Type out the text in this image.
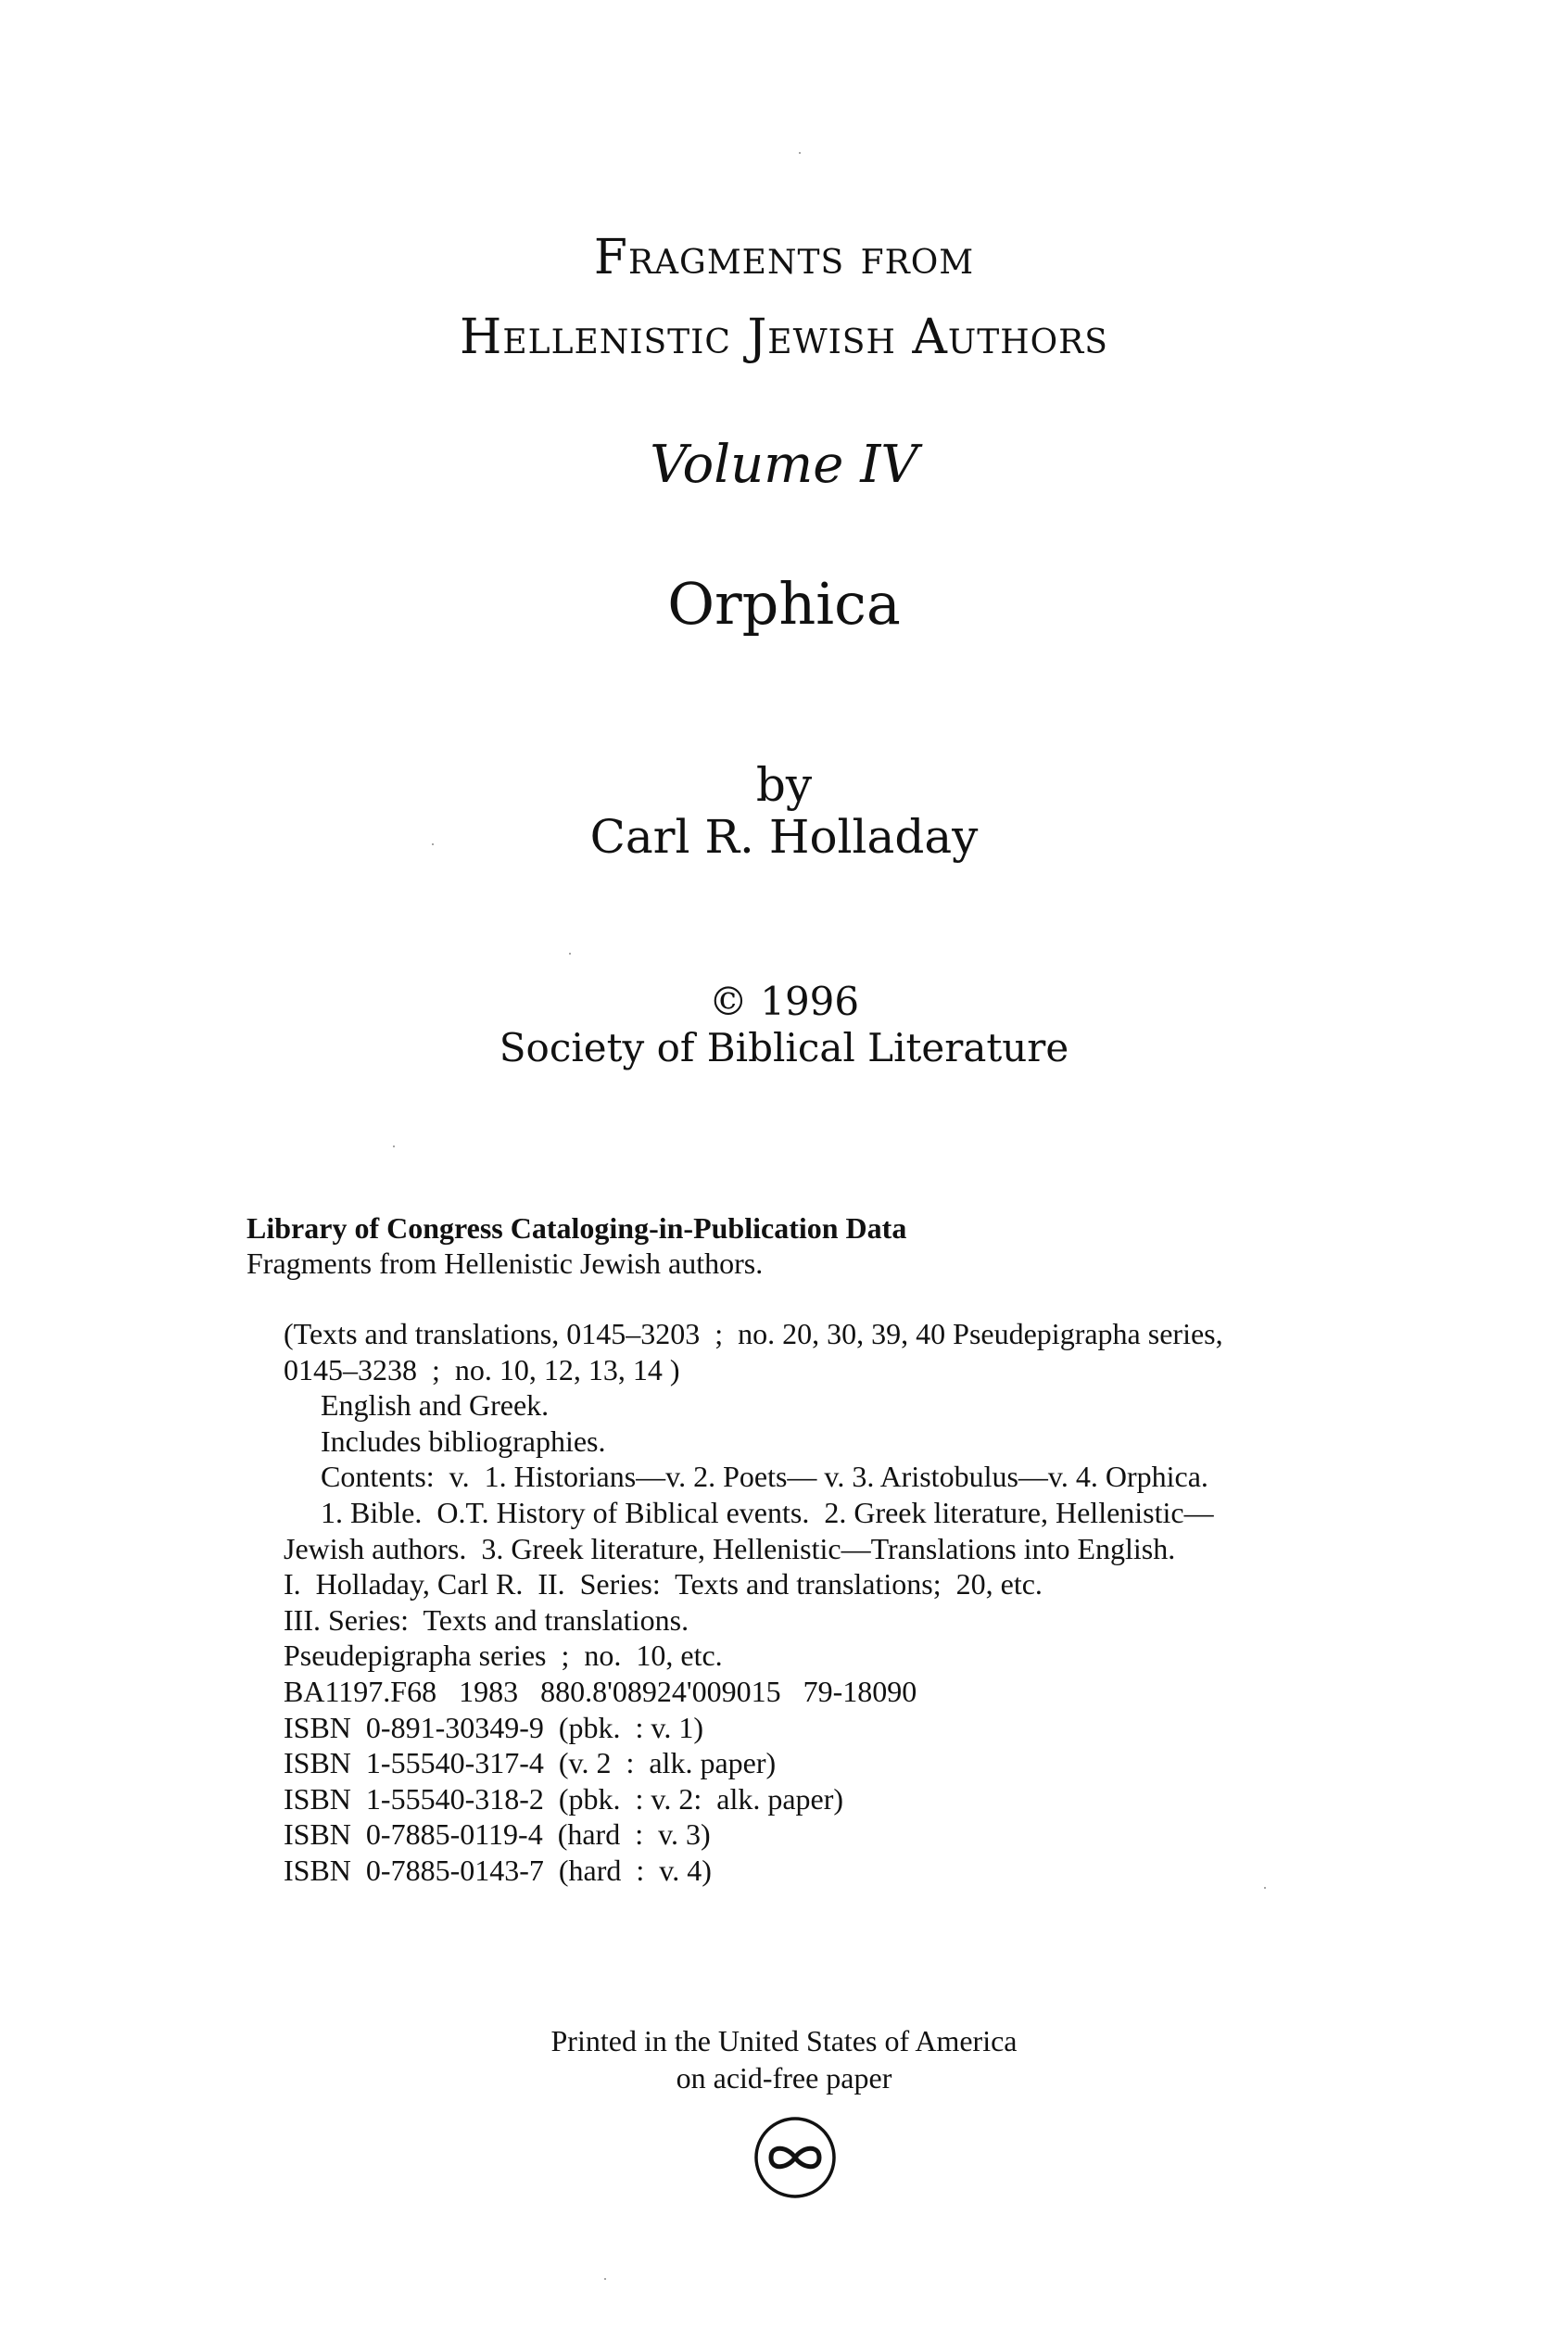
Fragments from
Hellenistic Jewish Authors
Volume IV
Orphica
by
Carl R. Holladay
© 1996
Society of Biblical Literature
Library of Congress Cataloging-in-Publication Data
Fragments from Hellenistic Jewish authors.
(Texts and translations, 0145–3203  ;  no. 20, 30, 39, 40 Pseudepigrapha series,
0145–3238  ;  no. 10, 12, 13, 14 )
English and Greek.
Includes bibliographies.
Contents:  v.  1. Historians—v. 2. Poets— v. 3. Aristobulus—v. 4. Orphica.
1. Bible.  O.T. History of Biblical events.  2. Greek literature, Hellenistic—
Jewish authors.  3. Greek literature, Hellenistic—Translations into English.
I.  Holladay, Carl R.  II.  Series:  Texts and translations;  20, etc.
III. Series:  Texts and translations.
Pseudepigrapha series  ;  no.  10, etc.
BA1197.F68   1983   880.8'08924'009015   79-18090
ISBN  0-891-30349-9  (pbk.  : v. 1)
ISBN  1-55540-317-4  (v. 2  :  alk. paper)
ISBN  1-55540-318-2  (pbk.  : v. 2:  alk. paper)
ISBN  0-7885-0119-4  (hard  :  v. 3)
ISBN  0-7885-0143-7  (hard  :  v. 4)
Printed in the United States of America
on acid-free paper
